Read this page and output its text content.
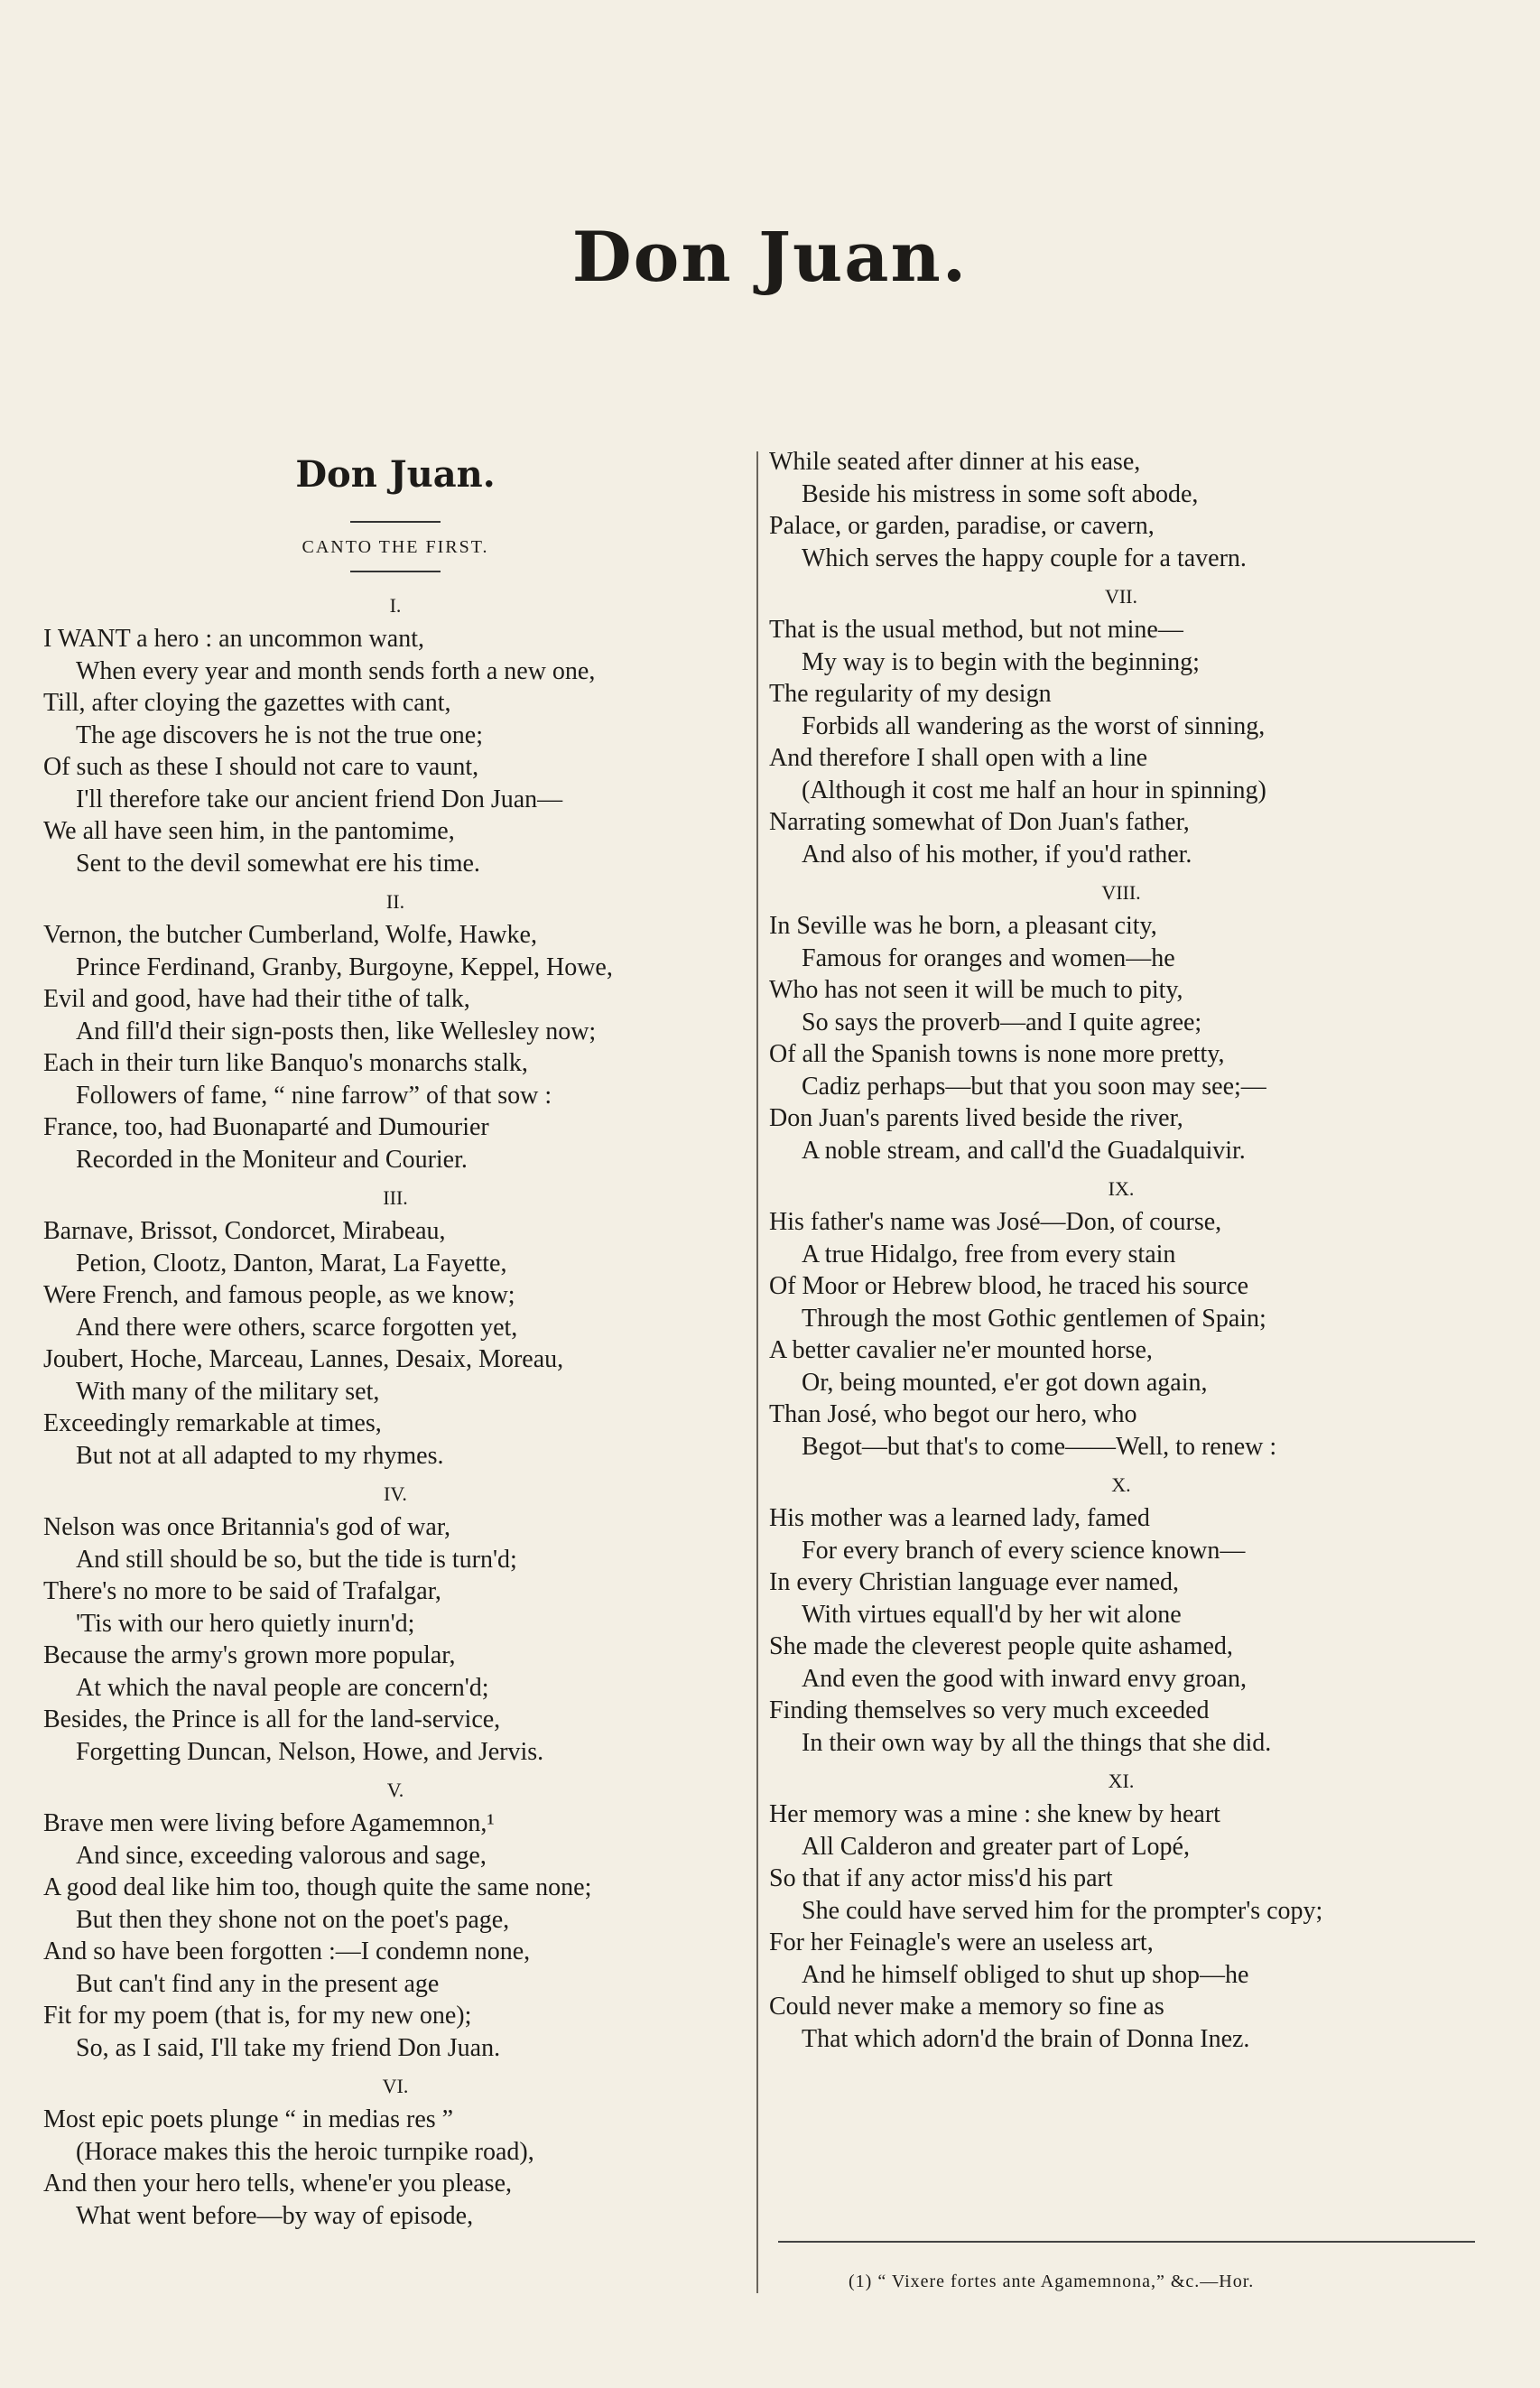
Don Juan.
Don Juan.
CANTO THE FIRST.
I.
I WANT a hero : an uncommon want,
When every year and month sends forth a new one,
Till, after cloying the gazettes with cant,
The age discovers he is not the true one;
Of such as these I should not care to vaunt,
I'll therefore take our ancient friend Don Juan—
We all have seen him, in the pantomime,
Sent to the devil somewhat ere his time.
II.
Vernon, the butcher Cumberland, Wolfe, Hawke,
Prince Ferdinand, Granby, Burgoyne, Keppel, Howe,
Evil and good, have had their tithe of talk,
And fill'd their sign-posts then, like Wellesley now;
Each in their turn like Banquo's monarchs stalk,
Followers of fame, “ nine farrow” of that sow :
France, too, had Buonaparté and Dumourier
Recorded in the Moniteur and Courier.
III.
Barnave, Brissot, Condorcet, Mirabeau,
Petion, Clootz, Danton, Marat, La Fayette,
Were French, and famous people, as we know;
And there were others, scarce forgotten yet,
Joubert, Hoche, Marceau, Lannes, Desaix, Moreau,
With many of the military set,
Exceedingly remarkable at times,
But not at all adapted to my rhymes.
IV.
Nelson was once Britannia's god of war,
And still should be so, but the tide is turn'd;
There's no more to be said of Trafalgar,
'Tis with our hero quietly inurn'd;
Because the army's grown more popular,
At which the naval people are concern'd;
Besides, the Prince is all for the land-service,
Forgetting Duncan, Nelson, Howe, and Jervis.
V.
Brave men were living before Agamemnon,¹
And since, exceeding valorous and sage,
A good deal like him too, though quite the same none;
But then they shone not on the poet's page,
And so have been forgotten :—I condemn none,
But can't find any in the present age
Fit for my poem (that is, for my new one);
So, as I said, I'll take my friend Don Juan.
VI.
Most epic poets plunge “ in medias res ”
(Horace makes this the heroic turnpike road),
And then your hero tells, whene'er you please,
What went before—by way of episode,
While seated after dinner at his ease,
Beside his mistress in some soft abode,
Palace, or garden, paradise, or cavern,
Which serves the happy couple for a tavern.
VII.
That is the usual method, but not mine—
My way is to begin with the beginning;
The regularity of my design
Forbids all wandering as the worst of sinning,
And therefore I shall open with a line
(Although it cost me half an hour in spinning)
Narrating somewhat of Don Juan's father,
And also of his mother, if you'd rather.
VIII.
In Seville was he born, a pleasant city,
Famous for oranges and women—he
Who has not seen it will be much to pity,
So says the proverb—and I quite agree;
Of all the Spanish towns is none more pretty,
Cadiz perhaps—but that you soon may see;—
Don Juan's parents lived beside the river,
A noble stream, and call'd the Guadalquivir.
IX.
His father's name was José—Don, of course,
A true Hidalgo, free from every stain
Of Moor or Hebrew blood, he traced his source
Through the most Gothic gentlemen of Spain;
A better cavalier ne'er mounted horse,
Or, being mounted, e'er got down again,
Than José, who begot our hero, who
Begot—but that's to come——Well, to renew :
X.
His mother was a learned lady, famed
For every branch of every science known—
In every Christian language ever named,
With virtues equall'd by her wit alone
She made the cleverest people quite ashamed,
And even the good with inward envy groan,
Finding themselves so very much exceeded
In their own way by all the things that she did.
XI.
Her memory was a mine : she knew by heart
All Calderon and greater part of Lopé,
So that if any actor miss'd his part
She could have served him for the prompter's copy;
For her Feinagle's were an useless art,
And he himself obliged to shut up shop—he
Could never make a memory so fine as
That which adorn'd the brain of Donna Inez.
(1) “ Vixere fortes ante Agamemnona,” &c.—Hor.
